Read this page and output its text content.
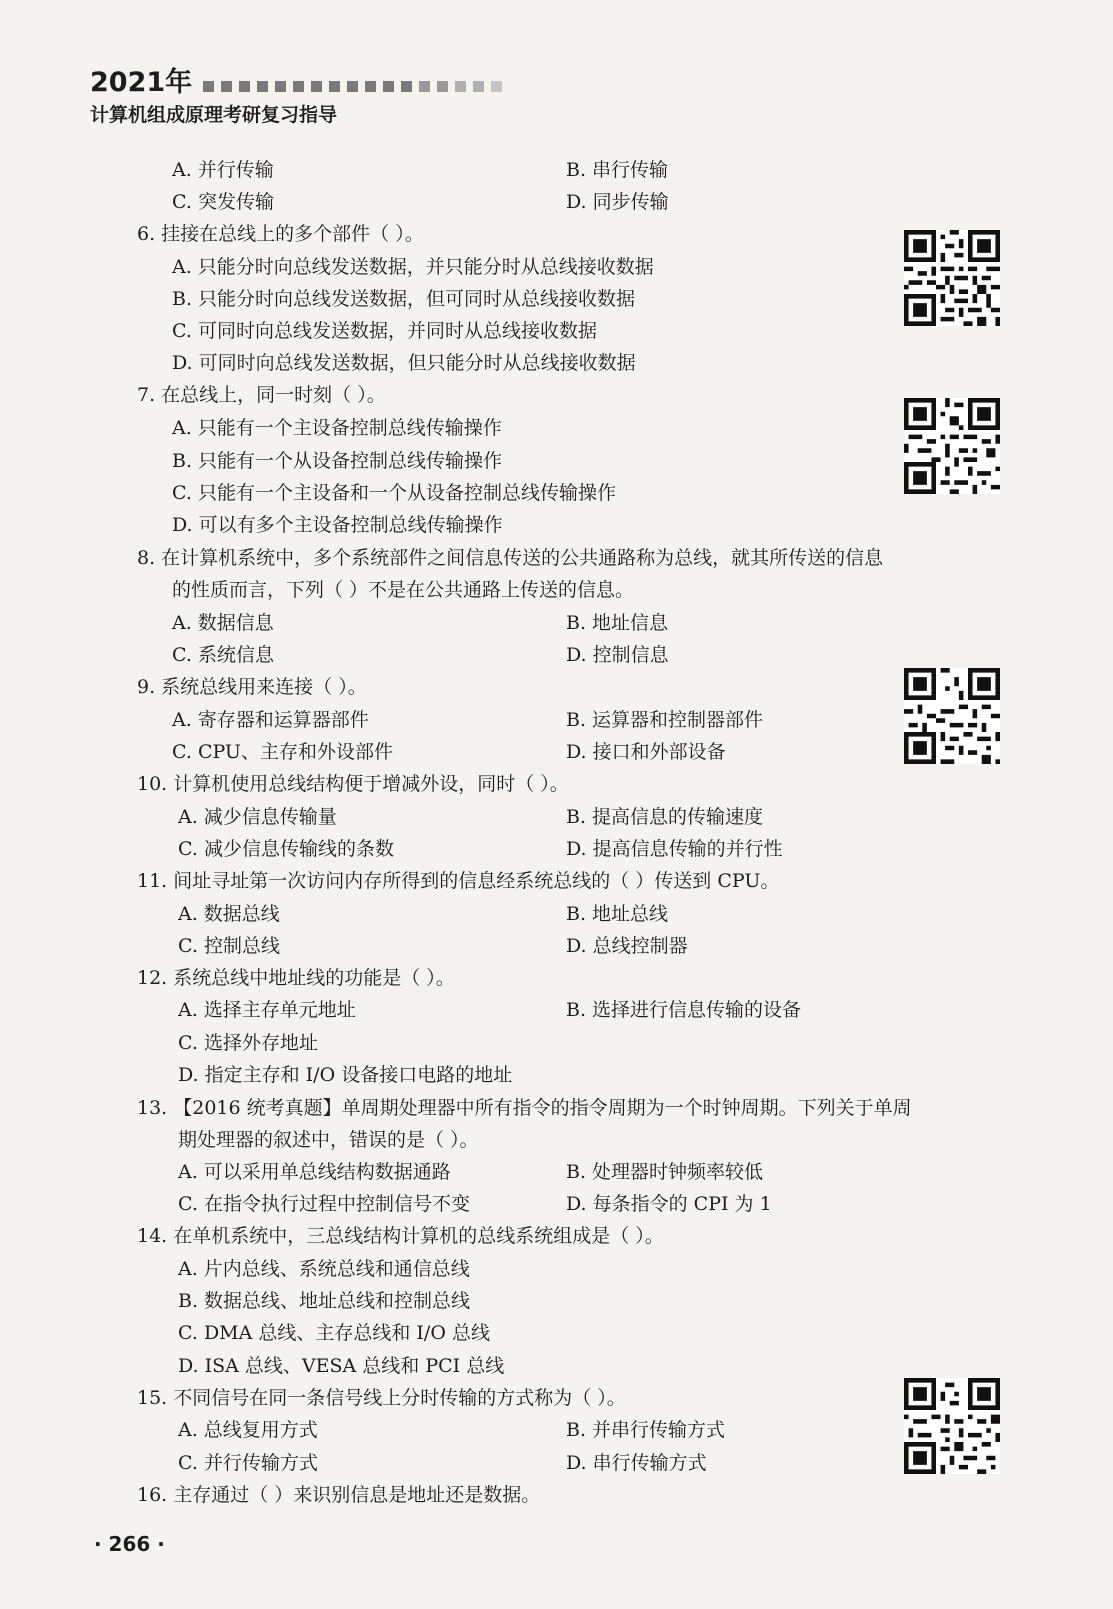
2021年
计算机组成原理考研复习指导
A. 并行传输	B. 串行传输
C. 突发传输	D. 同步传输
6. 挂接在总线上的多个部件（ ）。
A. 只能分时向总线发送数据，并只能分时从总线接收数据
B. 只能分时向总线发送数据，但可同时从总线接收数据
C. 可同时向总线发送数据，并同时从总线接收数据
D. 可同时向总线发送数据，但只能分时从总线接收数据
7. 在总线上，同一时刻（ ）。
A. 只能有一个主设备控制总线传输操作
B. 只能有一个从设备控制总线传输操作
C. 只能有一个主设备和一个从设备控制总线传输操作
D. 可以有多个主设备控制总线传输操作
8. 在计算机系统中，多个系统部件之间信息传送的公共通路称为总线，就其所传送的信息
的性质而言，下列（ ）不是在公共通路上传送的信息。
A. 数据信息	B. 地址信息
C. 系统信息	D. 控制信息
9. 系统总线用来连接（ ）。
A. 寄存器和运算器部件	B. 运算器和控制器部件
C. CPU、主存和外设部件	D. 接口和外部设备
10. 计算机使用总线结构便于增减外设，同时（ ）。
A. 减少信息传输量	B. 提高信息的传输速度
C. 减少信息传输线的条数	D. 提高信息传输的并行性
11. 间址寻址第一次访问内存所得到的信息经系统总线的（ ）传送到 CPU。
A. 数据总线	B. 地址总线
C. 控制总线	D. 总线控制器
12. 系统总线中地址线的功能是（ ）。
A. 选择主存单元地址	B. 选择进行信息传输的设备
C. 选择外存地址
D. 指定主存和 I/O 设备接口电路的地址
13. 【2016 统考真题】单周期处理器中所有指令的指令周期为一个时钟周期。下列关于单周
期处理器的叙述中，错误的是（ ）。
A. 可以采用单总线结构数据通路	B. 处理器时钟频率较低
C. 在指令执行过程中控制信号不变	D. 每条指令的 CPI 为 1
14. 在单机系统中，三总线结构计算机的总线系统组成是（ ）。
A. 片内总线、系统总线和通信总线
B. 数据总线、地址总线和控制总线
C. DMA 总线、主存总线和 I/O 总线
D. ISA 总线、VESA 总线和 PCI 总线
15. 不同信号在同一条信号线上分时传输的方式称为（ ）。
A. 总线复用方式	B. 并串行传输方式
C. 并行传输方式	D. 串行传输方式
16. 主存通过（ ）来识别信息是地址还是数据。
· 266 ·
